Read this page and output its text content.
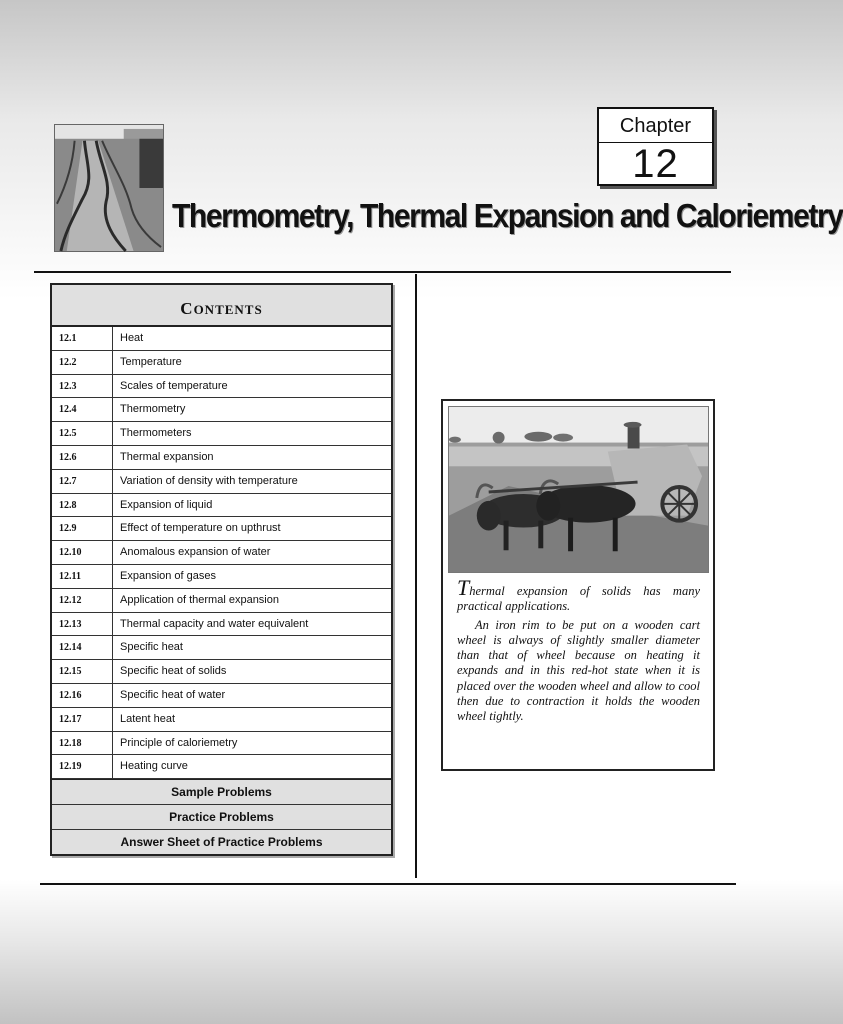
Chapter
12
Thermometry, Thermal Expansion and Caloriemetry
CONTENTS
12.1	Heat
12.2	Temperature
12.3	Scales of temperature
12.4	Thermometry
12.5	Thermometers
12.6	Thermal expansion
12.7	Variation of density with temperature
12.8	Expansion of liquid
12.9	Effect of temperature on upthrust
12.10	Anomalous expansion of water
12.11	Expansion of gases
12.12	Application of thermal expansion
12.13	Thermal capacity and water equivalent
12.14	Specific heat
12.15	Specific heat of solids
12.16	Specific heat of water
12.17	Latent heat
12.18	Principle of caloriemetry
12.19	Heating curve
Sample Problems
Practice Problems
Answer Sheet of Practice Problems

Thermal expansion of solids has many practical applications.

An iron rim to be put on a wooden cart wheel is always of slightly smaller diameter than that of wheel because on heating it expands and in this red-hot state when it is placed over the wooden wheel and allow to cool then due to contraction it holds the wooden wheel tightly.
